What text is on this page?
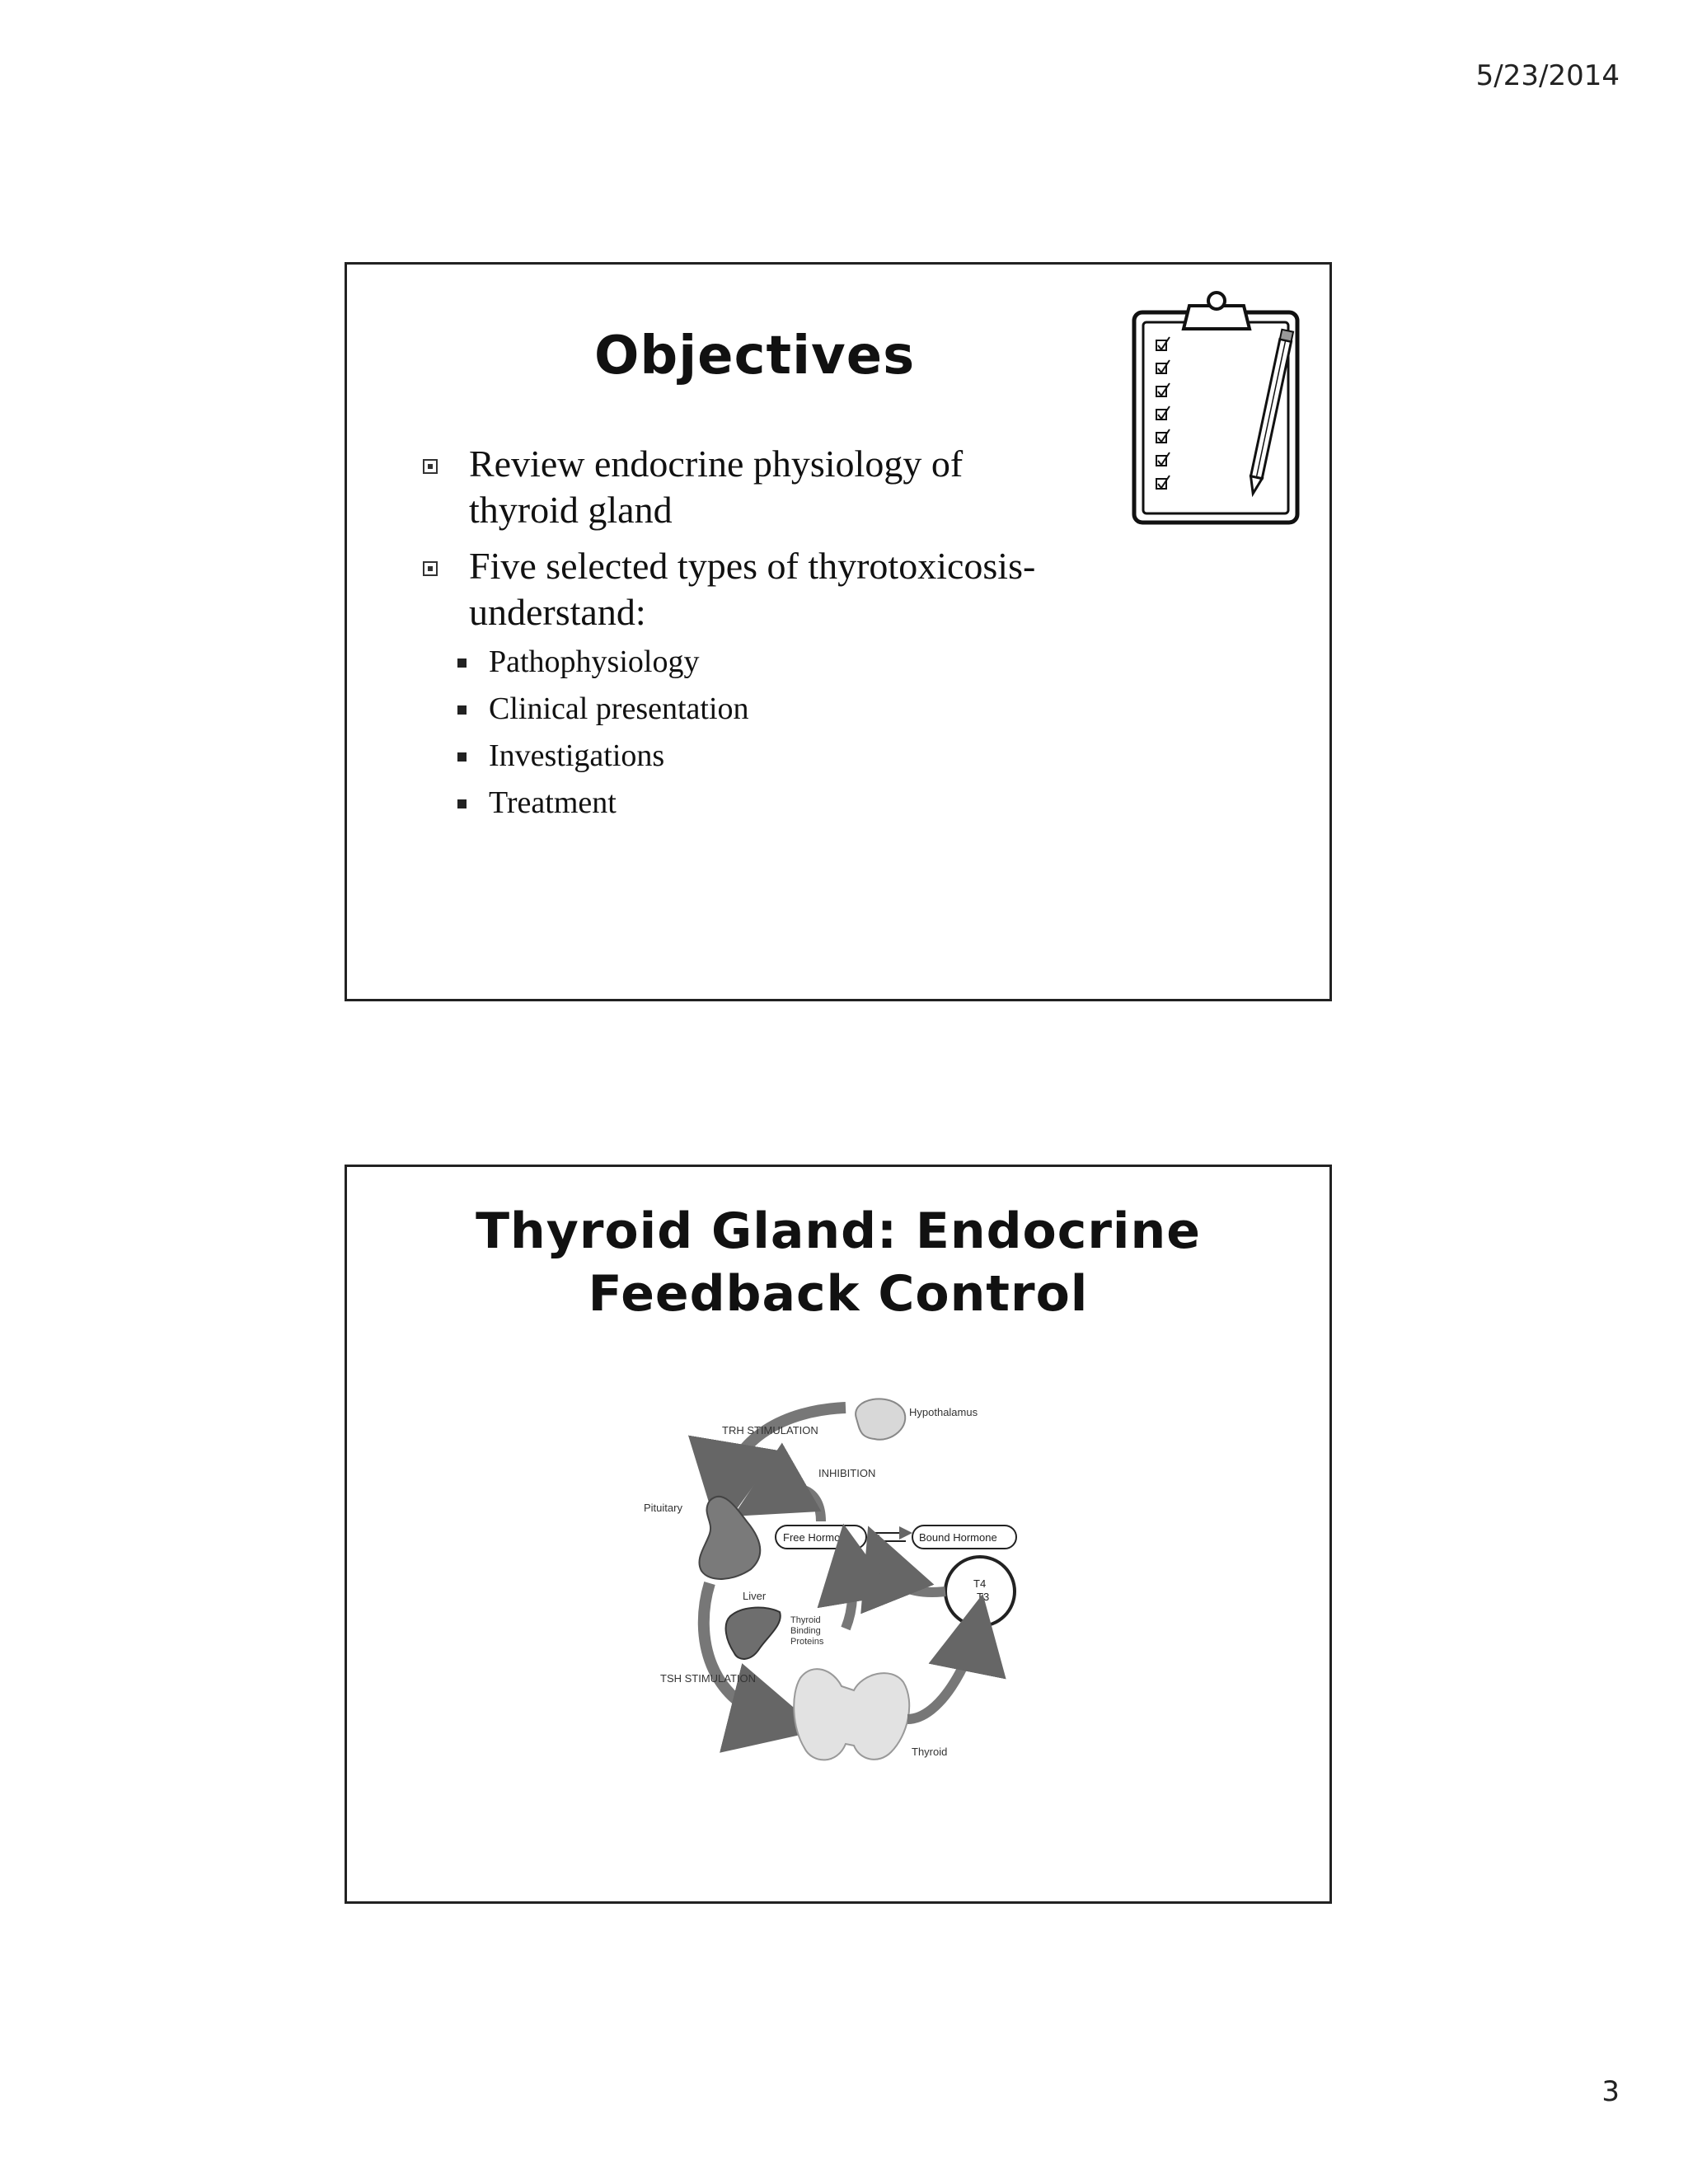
5/23/2014
Objectives
Review endocrine physiology of thyroid gland
Five selected types of thyrotoxicosis- understand:
Pathophysiology
Clinical presentation
Investigations
Treatment
Thyroid Gland: Endocrine
Feedback Control
Hypothalamus
TRH STIMULATION
INHIBITION
Pituitary
Free Hormone	Bound Hormone
T4
T3
Liver
Thyroid
Binding
Proteins
TSH STIMULATION
Thyroid
3
